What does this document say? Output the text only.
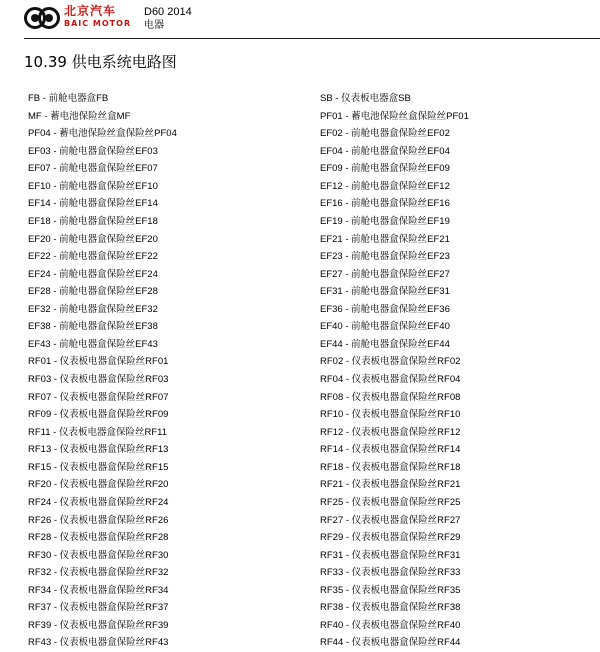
北京汽车
BAIC MOTOR
D60 2014
电器
10.39 供电系统电路图
FB - 前舱电器盒FB
MF - 蓄电池保险丝盒MF
PF04 - 蓄电池保险丝盒保险丝PF04
EF03 - 前舱电器盒保险丝EF03
EF07 - 前舱电器盒保险丝EF07
EF10 - 前舱电器盒保险丝EF10
EF14 - 前舱电器盒保险丝EF14
EF18 - 前舱电器盒保险丝EF18
EF20 - 前舱电器盒保险丝EF20
EF22 - 前舱电器盒保险丝EF22
EF24 - 前舱电器盒保险丝EF24
EF28 - 前舱电器盒保险丝EF28
EF32 - 前舱电器盒保险丝EF32
EF38 - 前舱电器盒保险丝EF38
EF43 - 前舱电器盒保险丝EF43
RF01 - 仪表板电器盒保险丝RF01
RF03 - 仪表板电器盒保险丝RF03
RF07 - 仪表板电器盒保险丝RF07
RF09 - 仪表板电器盒保险丝RF09
RF11 - 仪表板电器盒保险丝RF11
RF13 - 仪表板电器盒保险丝RF13
RF15 - 仪表板电器盒保险丝RF15
RF20 - 仪表板电器盒保险丝RF20
RF24 - 仪表板电器盒保险丝RF24
RF26 - 仪表板电器盒保险丝RF26
RF28 - 仪表板电器盒保险丝RF28
RF30 - 仪表板电器盒保险丝RF30
RF32 - 仪表板电器盒保险丝RF32
RF34 - 仪表板电器盒保险丝RF34
RF37 - 仪表板电器盒保险丝RF37
RF39 - 仪表板电器盒保险丝RF39
RF43 - 仪表板电器盒保险丝RF43
SB - 仪表板电器盒SB
PF01 - 蓄电池保险丝盒保险丝PF01
EF02 - 前舱电器盒保险丝EF02
EF04 - 前舱电器盒保险丝EF04
EF09 - 前舱电器盒保险丝EF09
EF12 - 前舱电器盒保险丝EF12
EF16 - 前舱电器盒保险丝EF16
EF19 - 前舱电器盒保险丝EF19
EF21 - 前舱电器盒保险丝EF21
EF23 - 前舱电器盒保险丝EF23
EF27 - 前舱电器盒保险丝EF27
EF31 - 前舱电器盒保险丝EF31
EF36 - 前舱电器盒保险丝EF36
EF40 - 前舱电器盒保险丝EF40
EF44 - 前舱电器盒保险丝EF44
RF02 - 仪表板电器盒保险丝RF02
RF04 - 仪表板电器盒保险丝RF04
RF08 - 仪表板电器盒保险丝RF08
RF10 - 仪表板电器盒保险丝RF10
RF12 - 仪表板电器盒保险丝RF12
RF14 - 仪表板电器盒保险丝RF14
RF18 - 仪表板电器盒保险丝RF18
RF21 - 仪表板电器盒保险丝RF21
RF25 - 仪表板电器盒保险丝RF25
RF27 - 仪表板电器盒保险丝RF27
RF29 - 仪表板电器盒保险丝RF29
RF31 - 仪表板电器盒保险丝RF31
RF33 - 仪表板电器盒保险丝RF33
RF35 - 仪表板电器盒保险丝RF35
RF38 - 仪表板电器盒保险丝RF38
RF40 - 仪表板电器盒保险丝RF40
RF44 - 仪表板电器盒保险丝RF44
